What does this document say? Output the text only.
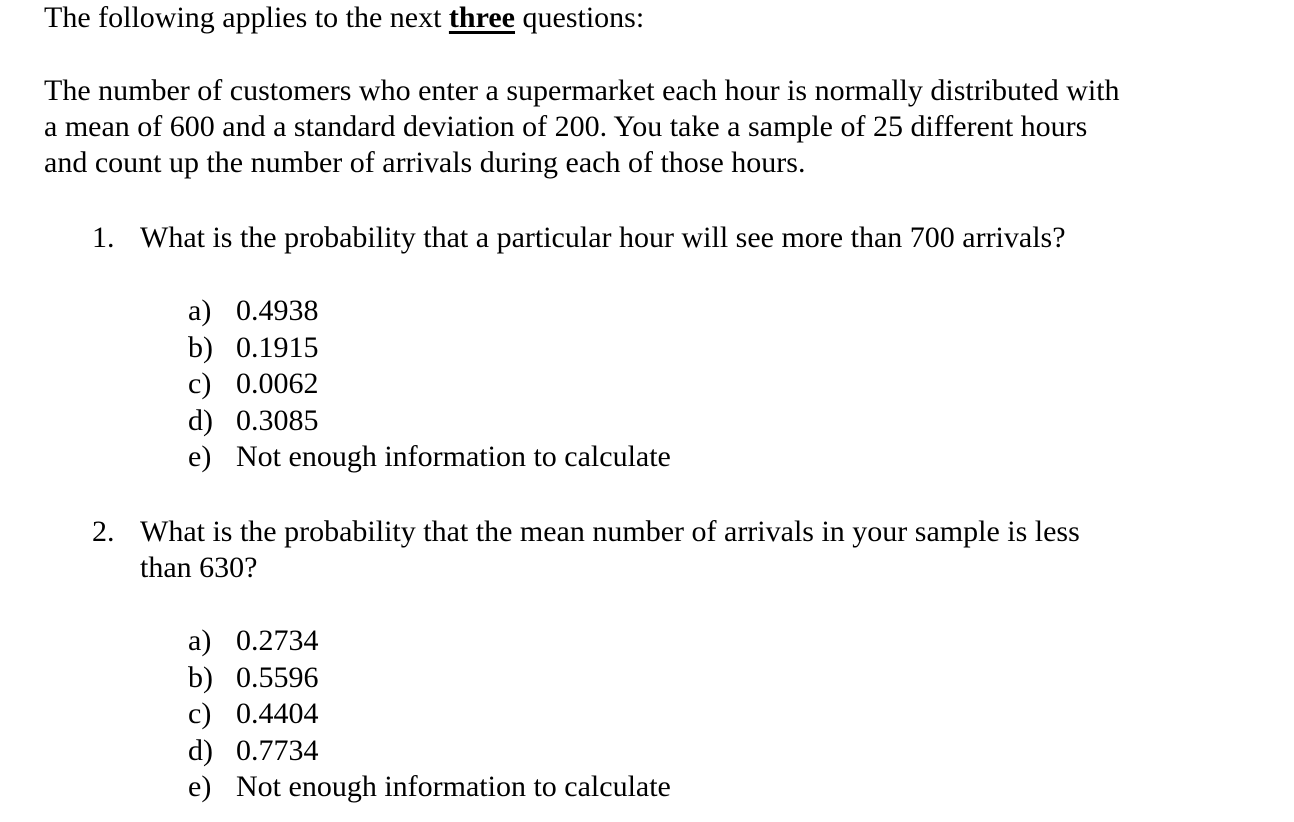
The following applies to the next three questions:
The number of customers who enter a supermarket each hour is normally distributed with
a mean of 600 and a standard deviation of 200. You take a sample of 25 different hours
and count up the number of arrivals during each of those hours.
1. What is the probability that a particular hour will see more than 700 arrivals?
a) 0.4938
b) 0.1915
c) 0.0062
d) 0.3085
e) Not enough information to calculate
2. What is the probability that the mean number of arrivals in your sample is less
than 630?
a) 0.2734
b) 0.5596
c) 0.4404
d) 0.7734
e) Not enough information to calculate
